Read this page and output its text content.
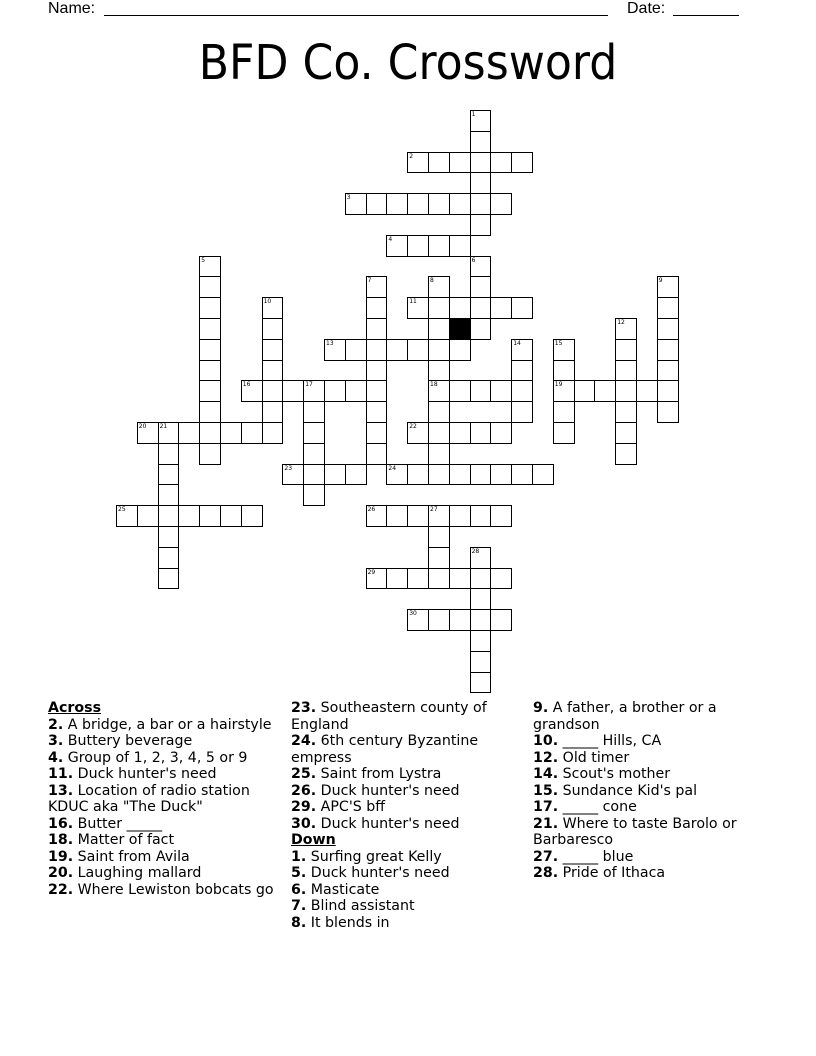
Name:	Date:
BFD Co. Crossword
1
2
3
4
5	6
7	8
18
9
10	11
12
13	14	15
19
16	17
20 21	22
23	24
25	26	27
28
29
30
Across
2. A bridge, a bar or a hairstyle
3. Buttery beverage
4. Group of 1, 2, 3, 4, 5 or 9
11. Duck hunter's need
13. Location of radio station KDUC aka "The Duck"
16. Butter _____
18. Matter of fact
19. Saint from Avila
20. Laughing mallard
22. Where Lewiston bobcats go
23. Southeastern county of England
24. 6th century Byzantine empress
25. Saint from Lystra
26. Duck hunter's need
29. APC'S bff
30. Duck hunter's need
Down
1. Surfing great Kelly
5. Duck hunter's need
6. Masticate
7. Blind assistant
8. It blends in
9. A father, a brother or a grandson
10. _____ Hills, CA
12. Old timer
14. Scout's mother
15. Sundance Kid's pal
17. _____ cone
21. Where to taste Barolo or Barbaresco
27. _____ blue
28. Pride of Ithaca
